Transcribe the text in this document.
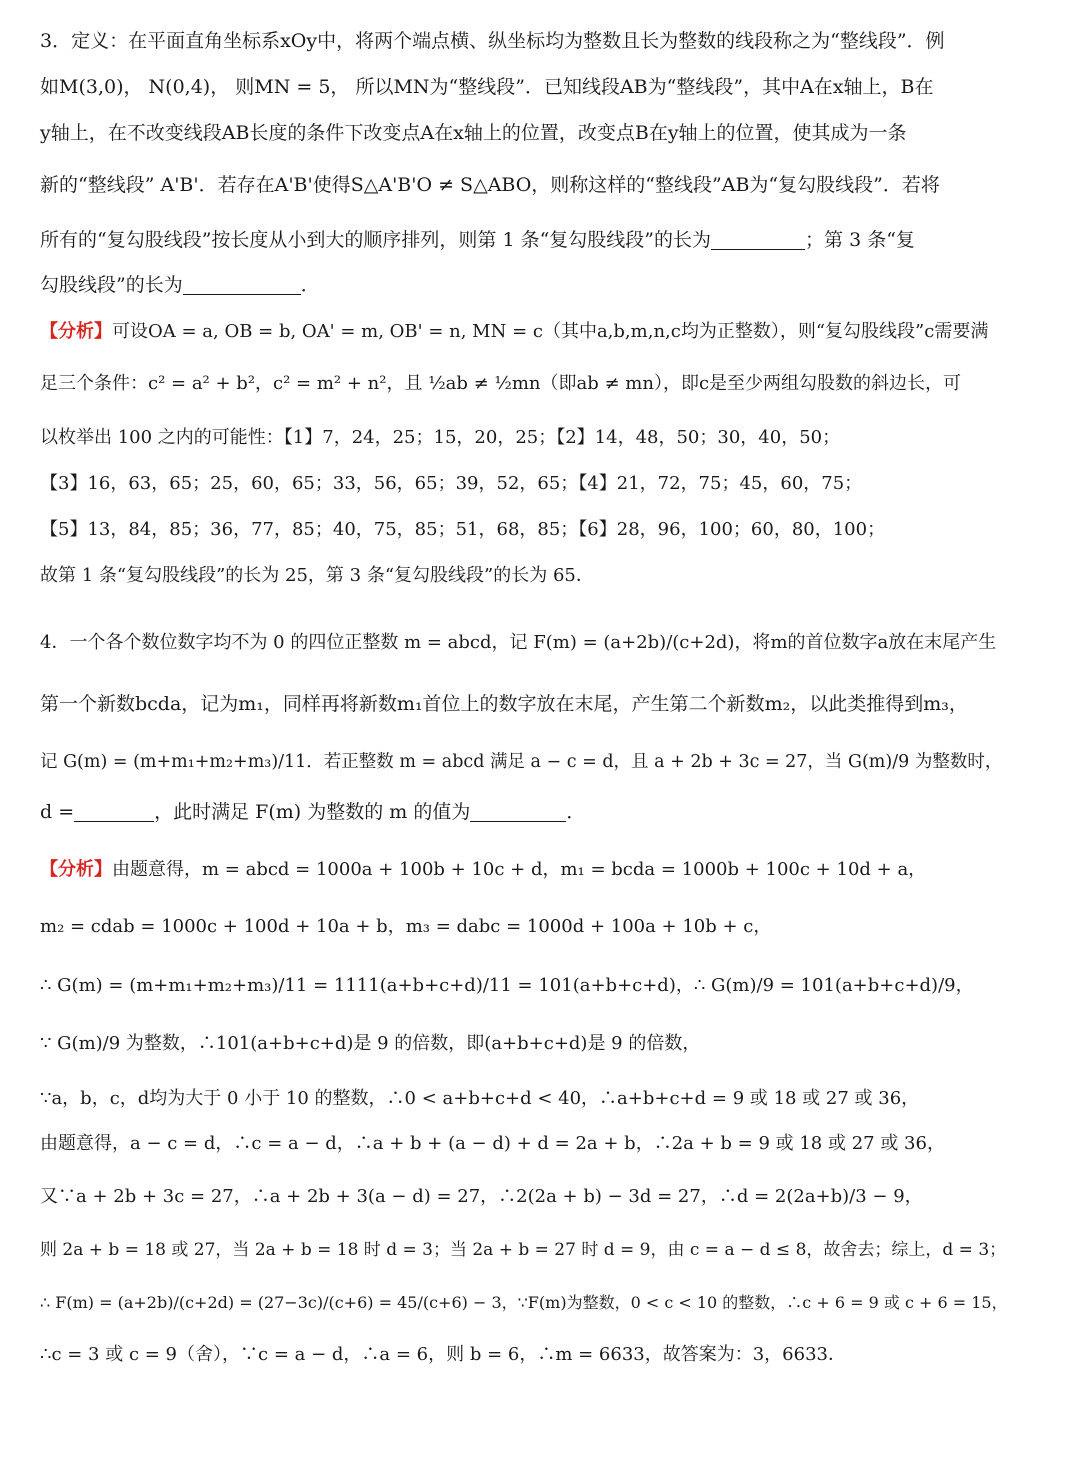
3．定义：在平面直角坐标系xOy中，将两个端点横、纵坐标均为整数且长为整数的线段称之为“整线段”．例
如M(3,0)， N(0,4)， 则MN = 5， 所以MN为“整线段”．已知线段AB为“整线段”，其中A在x轴上，B在
y轴上，在不改变线段AB长度的条件下改变点A在x轴上的位置，改变点B在y轴上的位置，使其成为一条
新的“整线段” A'B'．若存在A'B'使得S△A'B'O ≠ S△ABO，则称这样的“整线段”AB为“复勾股线段”．若将
所有的“复勾股线段”按长度从小到大的顺序排列，则第 1 条“复勾股线段”的长为	；第 3 条“复
勾股线段”的长为	．
【分析】可设OA = a, OB = b, OA' = m, OB' = n, MN = c（其中a,b,m,n,c均为正整数），则“复勾股线段”c需要满
足三个条件：c² = a² + b²，c² = m² + n²，且 ½ab ≠ ½mn（即ab ≠ mn），即c是至少两组勾股数的斜边长，可
以枚举出 100 之内的可能性：【1】7，24，25；15，20，25；【2】14，48，50；30，40，50；
【3】16，63，65；25，60，65；33，56，65；39，52，65；【4】21，72，75；45，60，75；
【5】13，84，85；36，77，85；40，75，85；51，68，85；【6】28，96，100；60，80，100；
故第 1 条“复勾股线段”的长为 25，第 3 条“复勾股线段”的长为 65．
4．一个各个数位数字均不为 0 的四位正整数 m = abcd，记 F(m) = (a+2b)/(c+2d)，将m的首位数字a放在末尾产生
第一个新数bcda，记为m₁，同样再将新数m₁首位上的数字放在末尾，产生第二个新数m₂，以此类推得到m₃，
记 G(m) = (m+m₁+m₂+m₃)/11．若正整数 m = abcd 满足 a − c = d，且 a + 2b + 3c = 27，当 G(m)/9 为整数时，
d =	，此时满足 F(m) 为整数的 m 的值为	．
【分析】由题意得，m = abcd = 1000a + 100b + 10c + d，m₁ = bcda = 1000b + 100c + 10d + a，
m₂ = cdab = 1000c + 100d + 10a + b，m₃ = dabc = 1000d + 100a + 10b + c，
∴ G(m) = (m+m₁+m₂+m₃)/11 = 1111(a+b+c+d)/11 = 101(a+b+c+d)，∴ G(m)/9 = 101(a+b+c+d)/9，
∵ G(m)/9 为整数，∴101(a+b+c+d)是 9 的倍数，即(a+b+c+d)是 9 的倍数，
∵a，b，c，d均为大于 0 小于 10 的整数，∴0 < a+b+c+d < 40，∴a+b+c+d = 9 或 18 或 27 或 36，
由题意得，a − c = d，∴c = a − d，∴a + b + (a − d) + d = 2a + b，∴2a + b = 9 或 18 或 27 或 36，
又∵a + 2b + 3c = 27，∴a + 2b + 3(a − d) = 27，∴2(2a + b) − 3d = 27，∴d = 2(2a+b)/3 − 9，
则 2a + b = 18 或 27，当 2a + b = 18 时 d = 3；当 2a + b = 27 时 d = 9，由 c = a − d ≤ 8，故舍去；综上，d = 3；
∴ F(m) = (a+2b)/(c+2d) = (27−3c)/(c+6) = 45/(c+6) − 3，∵F(m)为整数，0 < c < 10 的整数，∴c + 6 = 9 或 c + 6 = 15，
∴c = 3 或 c = 9（舍），∵c = a − d，∴a = 6，则 b = 6，∴m = 6633，故答案为：3，6633．
